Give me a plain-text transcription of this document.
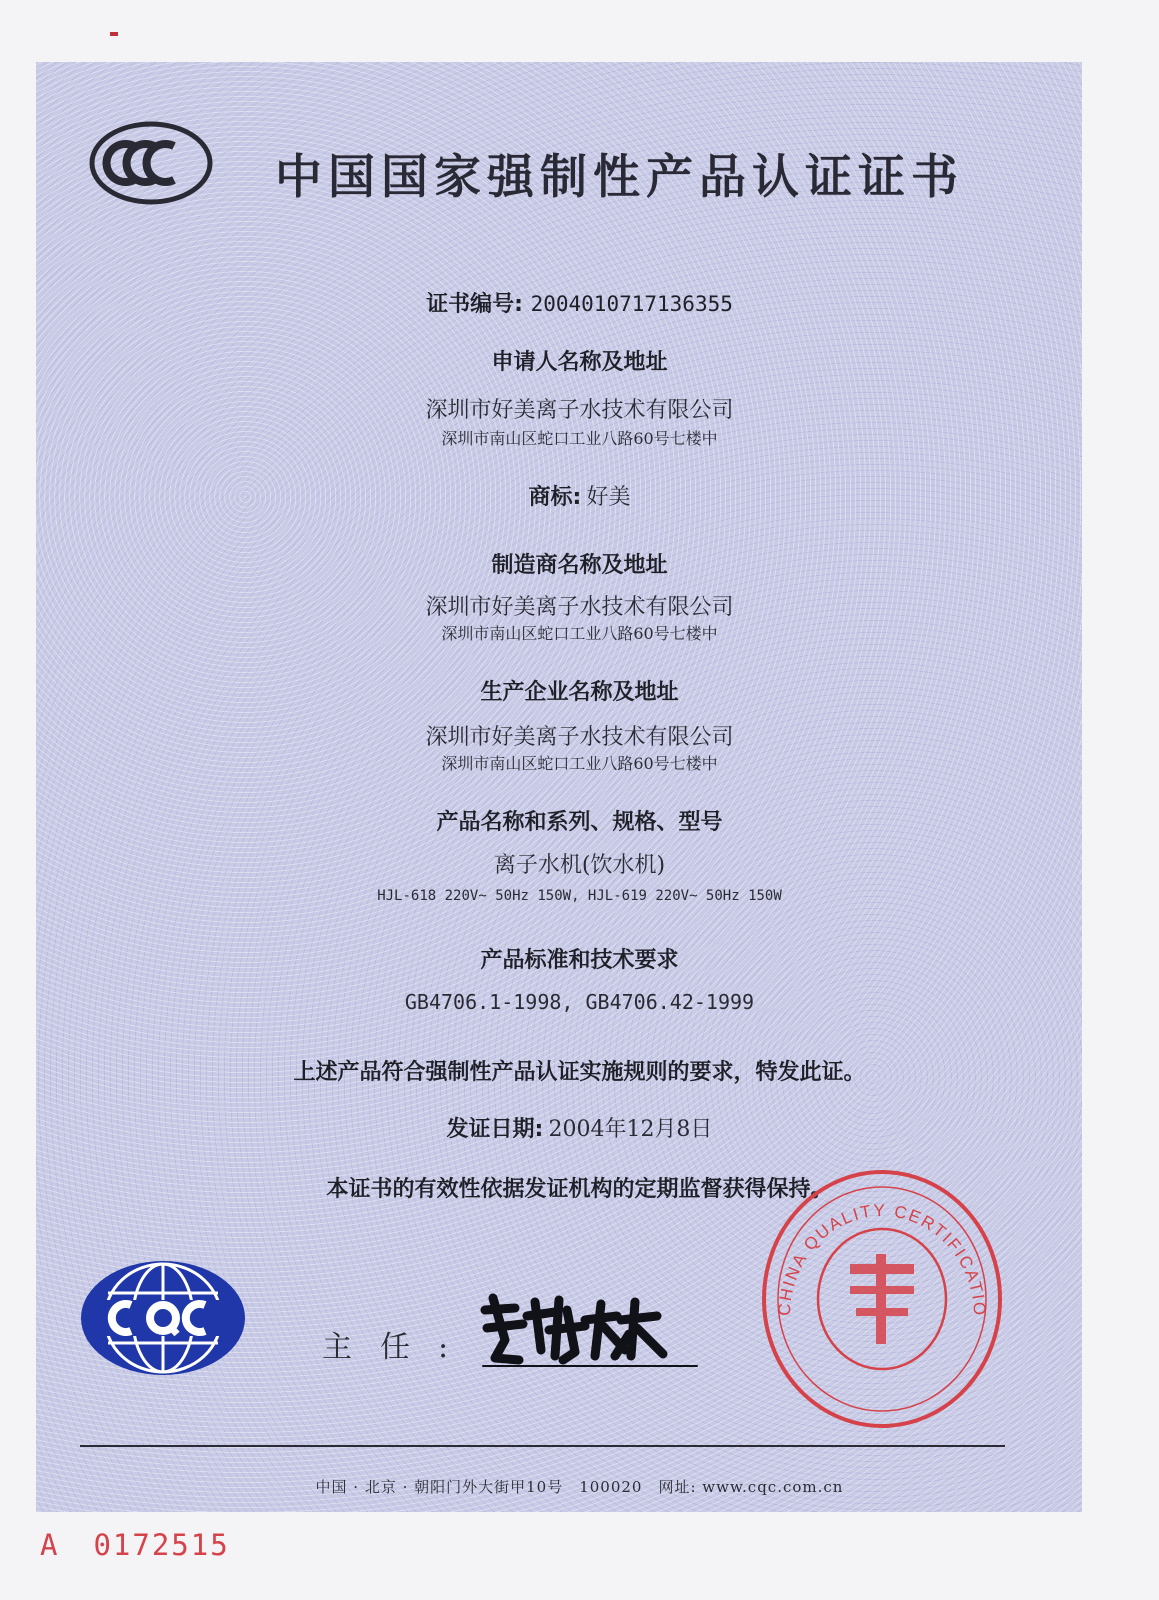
中国国家强制性产品认证证书
证书编号: 2004010717136355
申请人名称及地址
深圳市好美离子水技术有限公司
深圳市南山区蛇口工业八路60号七楼中
商标: 好美
制造商名称及地址
深圳市好美离子水技术有限公司
深圳市南山区蛇口工业八路60号七楼中
生产企业名称及地址
深圳市好美离子水技术有限公司
深圳市南山区蛇口工业八路60号七楼中
产品名称和系列、规格、型号
离子水机(饮水机)
HJL-618 220V~ 50Hz 150W, HJL-619 220V~ 50Hz 150W
产品标准和技术要求
GB4706.1-1998, GB4706.42-1999
上述产品符合强制性产品认证实施规则的要求，特发此证。
发证日期: 2004年12月8日
本证书的有效性依据发证机构的定期监督获得保持。
主任:
CHINA QUALITY CERTIFICATIO
中国 · 北京 · 朝阳门外大街甲10号　100020　网址: www.cqc.com.cn
A 0172515
